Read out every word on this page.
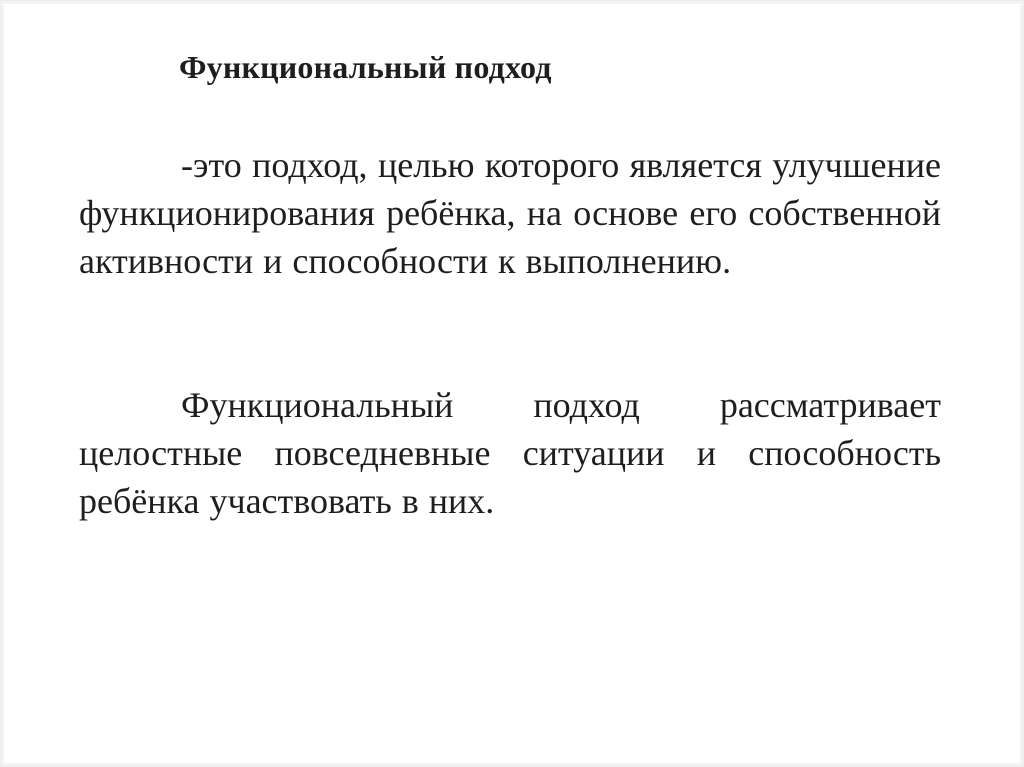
Функциональный подход

-это подход, целью которого является улучшение функционирования ребёнка, на основе его собственной активности и способности к выполнению.

Функциональный подход рассматривает целостные повседневные ситуации и способность ребёнка участвовать в них.
